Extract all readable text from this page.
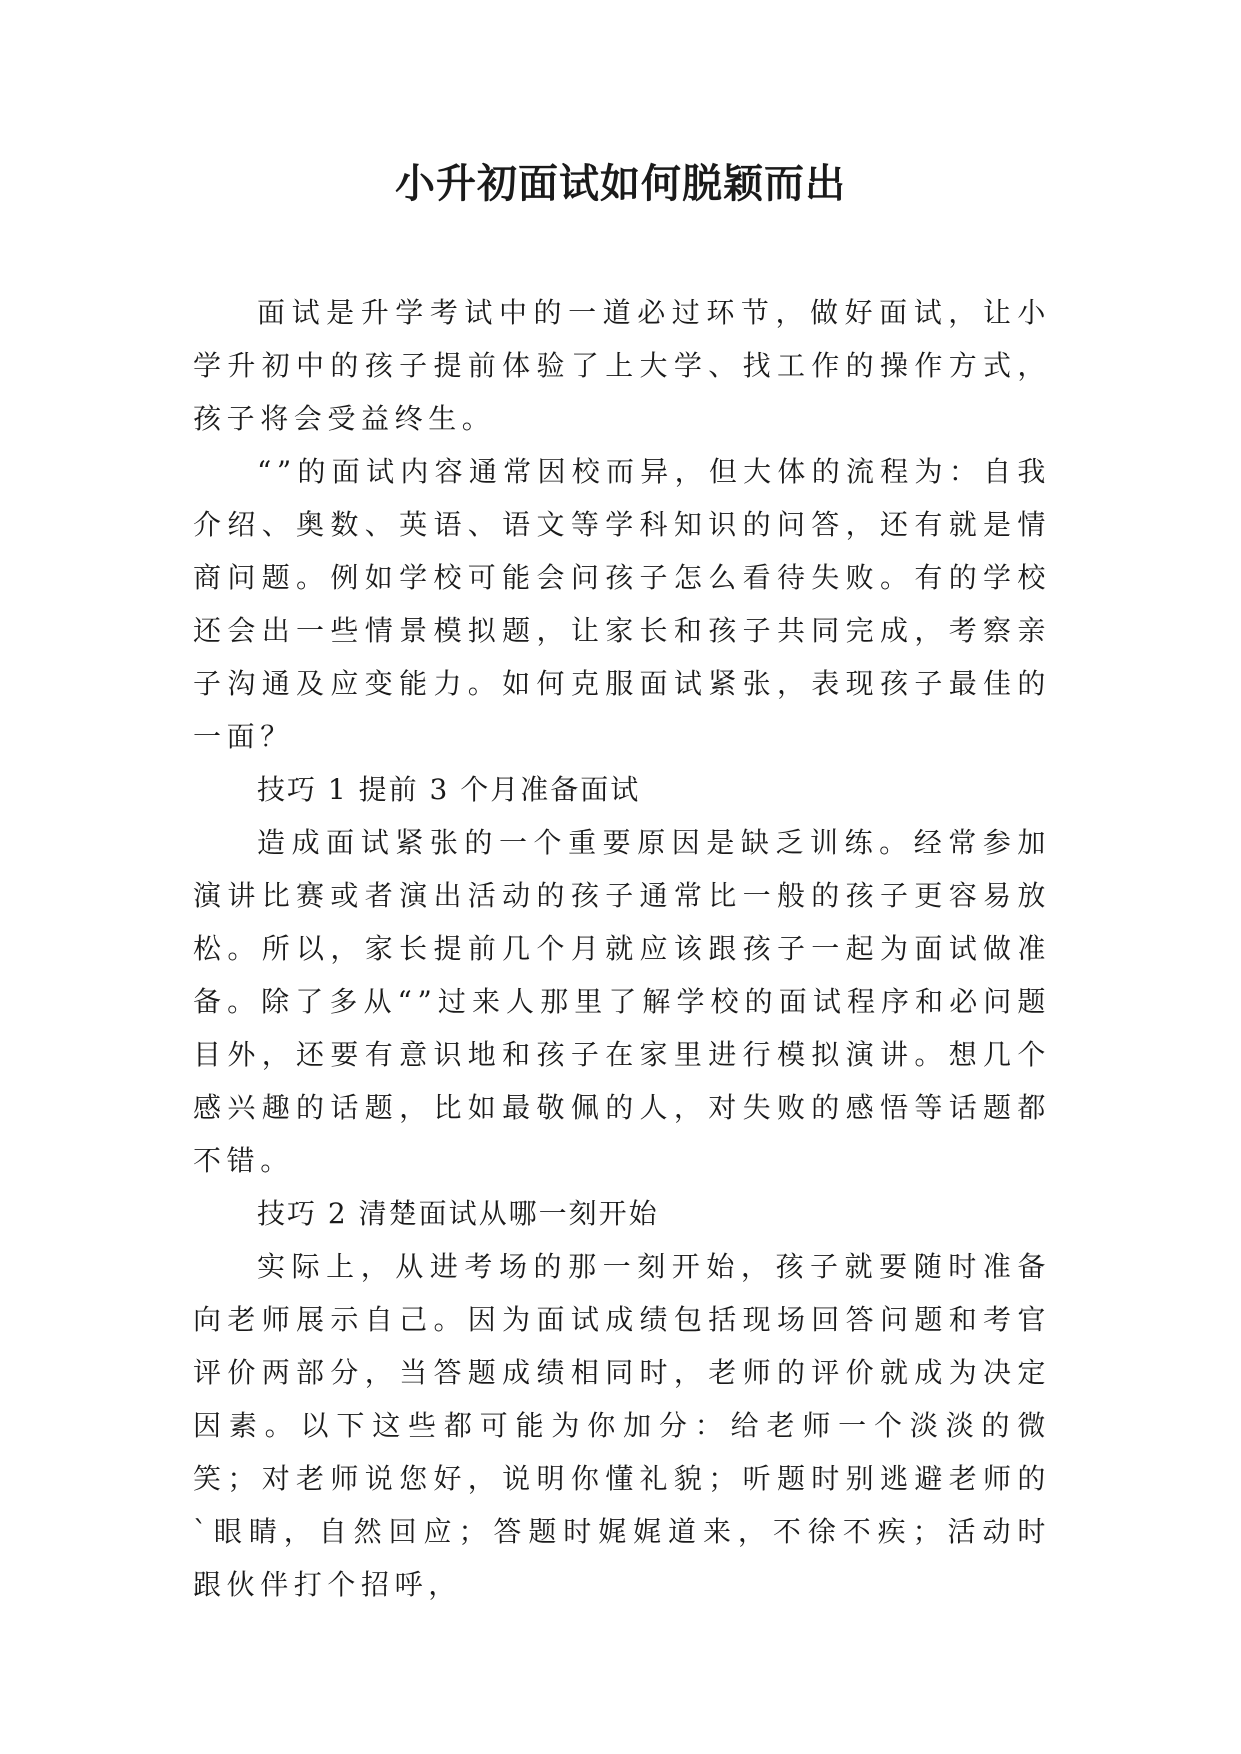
小升初面试如何脱颖而出

面试是升学考试中的一道必过环节，做好面试，让小学升初中的孩子提前体验了上大学、找工作的操作方式，孩子将会受益终生。

“”的面试内容通常因校而异，但大体的流程为：自我介绍、奥数、英语、语文等学科知识的问答，还有就是情商问题。例如学校可能会问孩子怎么看待失败。有的学校还会出一些情景模拟题，让家长和孩子共同完成，考察亲子沟通及应变能力。如何克服面试紧张，表现孩子最佳的一面？

技巧 1 提前 3 个月准备面试

造成面试紧张的一个重要原因是缺乏训练。经常参加演讲比赛或者演出活动的孩子通常比一般的孩子更容易放松。所以，家长提前几个月就应该跟孩子一起为面试做准备。除了多从“”过来人那里了解学校的面试程序和必问题目外，还要有意识地和孩子在家里进行模拟演讲。想几个感兴趣的话题，比如最敬佩的人，对失败的感悟等话题都不错。

技巧 2 清楚面试从哪一刻开始

实际上，从进考场的那一刻开始，孩子就要随时准备向老师展示自己。因为面试成绩包括现场回答问题和考官评价两部分，当答题成绩相同时，老师的评价就成为决定因素。以下这些都可能为你加分：给老师一个淡淡的微笑；对老师说您好，说明你懂礼貌；听题时别逃避老师的`眼睛，自然回应；答题时娓娓道来，不徐不疾；活动时跟伙伴打个招呼，
